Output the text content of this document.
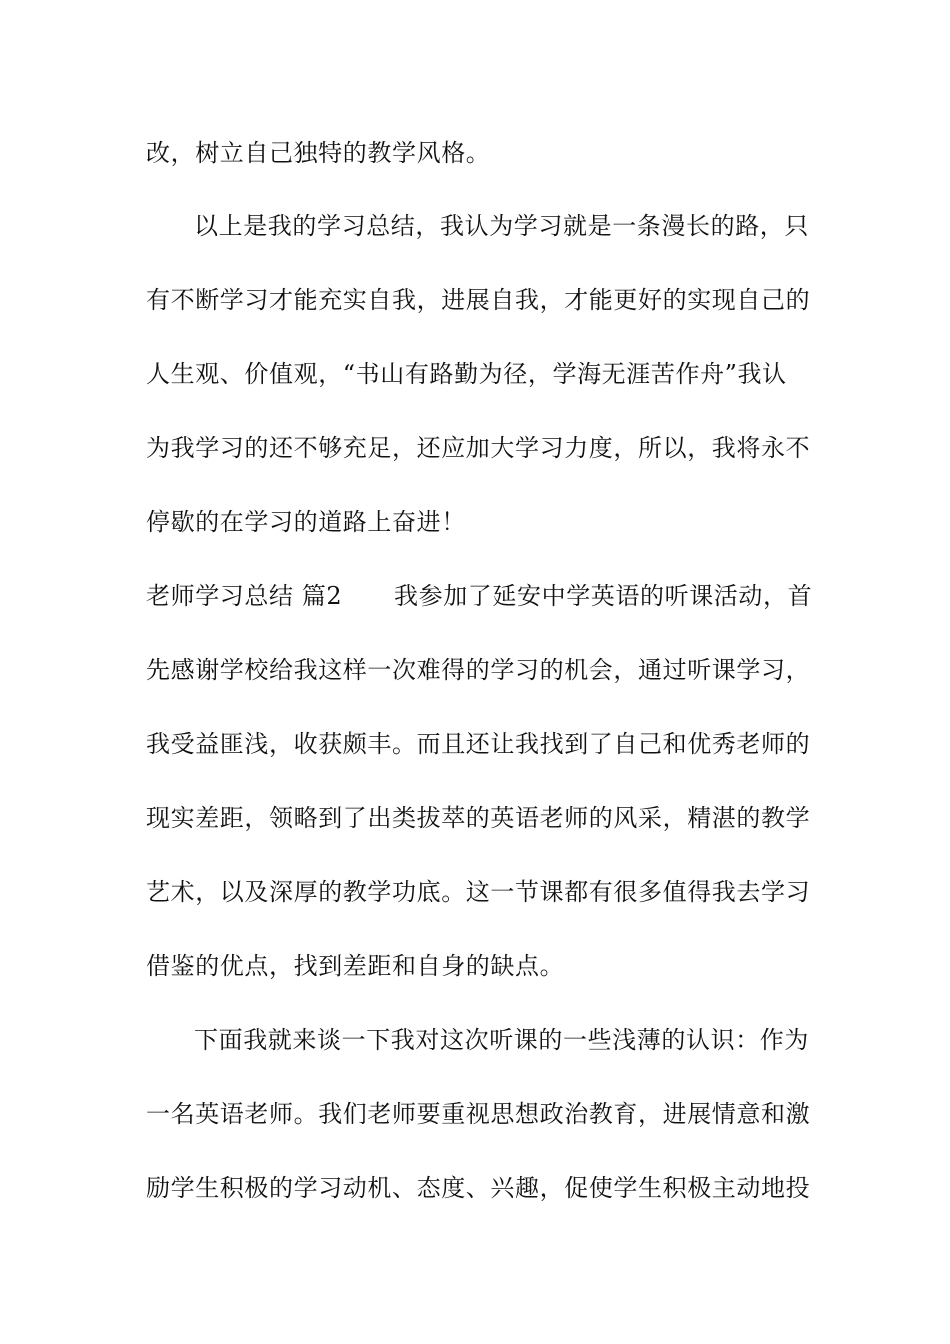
改，树立自己独特的教学风格。
以上是我的学习总结，我认为学习就是一条漫长的路，只
有不断学习才能充实自我，进展自我，才能更好的实现自己的
人生观、价值观，“书山有路勤为径，学海无涯苦作舟”我认
为我学习的还不够充足，还应加大学习力度，所以，我将永不
停歇的在学习的道路上奋进！
老师学习总结 篇2 我参加了延安中学英语的听课活动，首
先感谢学校给我这样一次难得的学习的机会，通过听课学习，
我受益匪浅，收获颇丰。而且还让我找到了自己和优秀老师的
现实差距，领略到了出类拔萃的英语老师的风采，精湛的教学
艺术，以及深厚的教学功底。这一节课都有很多值得我去学习
借鉴的优点，找到差距和自身的缺点。
下面我就来谈一下我对这次听课的一些浅薄的认识：作为
一名英语老师。我们老师要重视思想政治教育，进展情意和激
励学生积极的学习动机、态度、兴趣，促使学生积极主动地投
